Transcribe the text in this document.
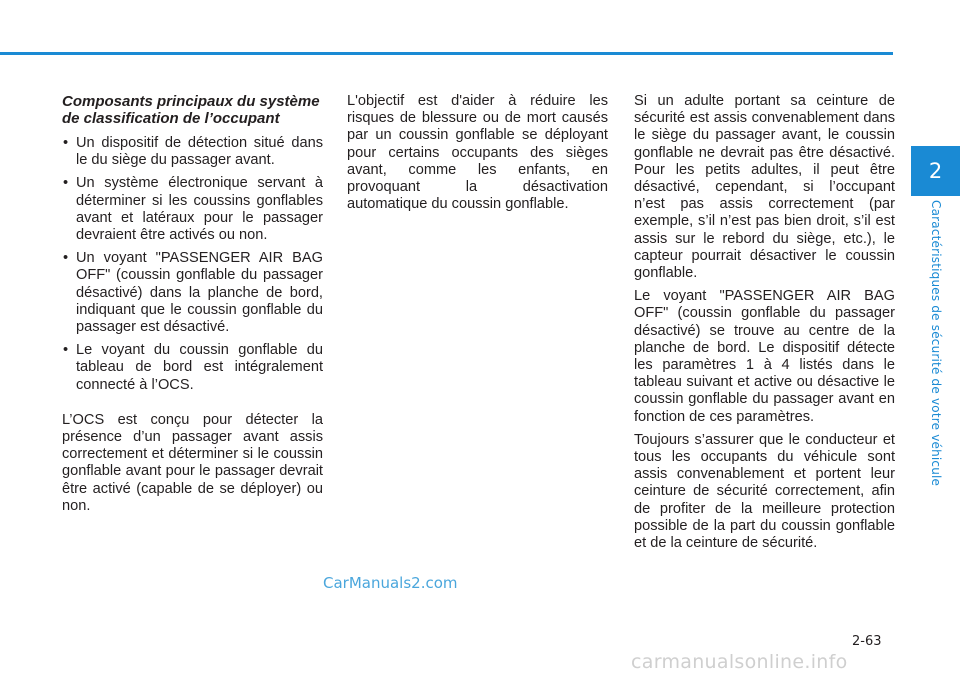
2
Caractéristiques de sécurité de votre véhicule
Composants principaux du système de classification de l’occupant
• Un dispositif de détection situé dans le du siège du passager avant.
• Un système électronique servant à déterminer si les coussins gonflables avant et latéraux pour le passager devraient être activés ou non.
• Un voyant "PASSENGER AIR BAG OFF" (coussin gonflable du passager désactivé) dans la planche de bord, indiquant que le coussin gonflable du passager est désactivé.
• Le voyant du coussin gonflable du tableau de bord est intégralement connecté à l’OCS.

L’OCS est conçu pour détecter la présence d’un passager avant assis correctement et déterminer si le coussin gonflable avant pour le passager devrait être activé (capable de se déployer) ou non.

L'objectif est d'aider à réduire les risques de blessure ou de mort causés par un coussin gonflable se déployant pour certains occupants des sièges avant, comme les enfants, en provoquant la désactivation automatique du coussin gonflable.

Si un adulte portant sa ceinture de sécurité est assis convenablement dans le siège du passager avant, le coussin gonflable ne devrait pas être désactivé. Pour les petits adultes, il peut être désactivé, cependant, si l’occupant n’est pas assis correctement (par exemple, s’il n’est pas bien droit, s’il est assis sur le rebord du siège, etc.), le capteur pourrait désactiver le coussin gonflable.

Le voyant "PASSENGER AIR BAG OFF" (coussin gonflable du passager désactivé) se trouve au centre de la planche de bord. Le dispositif détecte les paramètres 1 à 4 listés dans le tableau suivant et active ou désactive le coussin gonflable du passager avant en fonction de ces paramètres.

Toujours s’assurer que le conducteur et tous les occupants du véhicule sont assis convenablement et portent leur ceinture de sécurité correctement, afin de profiter de la meilleure protection possible de la part du coussin gonflable et de la ceinture de sécurité.

CarManuals2.com
2-63
carmanualsonline.info
